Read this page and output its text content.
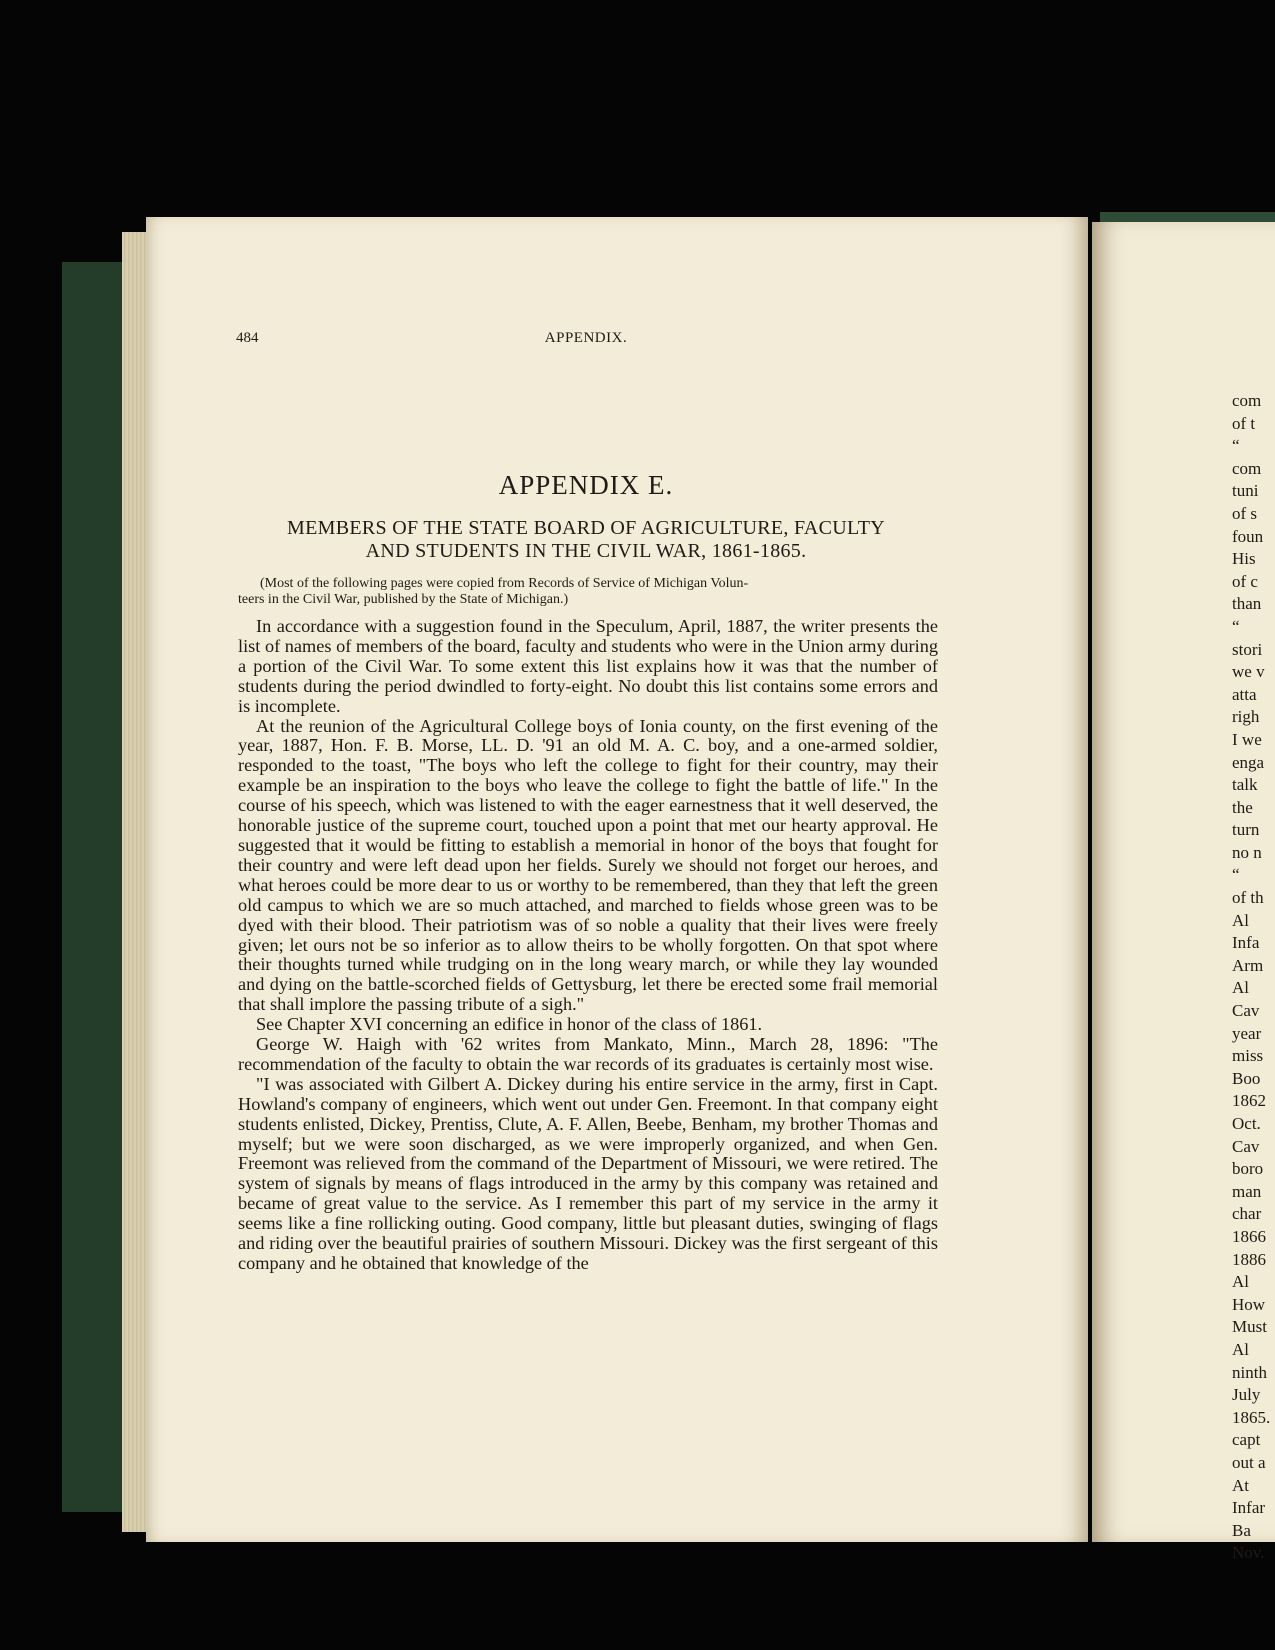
484	APPENDIX.
APPENDIX E.
MEMBERS OF THE STATE BOARD OF AGRICULTURE, FACULTY
AND STUDENTS IN THE CIVIL WAR, 1861-1865.
(Most of the following pages were copied from Records of Service of Michigan Volun-
teers in the Civil War, published by the State of Michigan.)

In accordance with a suggestion found in the Speculum, April, 1887, the writer presents the list of names of members of the board, faculty and students who were in the Union army during a portion of the Civil War. To some extent this list explains how it was that the number of students during the period dwindled to forty-eight. No doubt this list contains some errors and is incomplete.

At the reunion of the Agricultural College boys of Ionia county, on the first evening of the year, 1887, Hon. F. B. Morse, LL. D. '91 an old M. A. C. boy, and a one-armed soldier, responded to the toast, "The boys who left the college to fight for their country, may their example be an inspiration to the boys who leave the college to fight the battle of life." In the course of his speech, which was listened to with the eager earnestness that it well deserved, the honorable justice of the supreme court, touched upon a point that met our hearty approval. He suggested that it would be fitting to establish a memorial in honor of the boys that fought for their country and were left dead upon her fields. Surely we should not forget our heroes, and what heroes could be more dear to us or worthy to be remembered, than they that left the green old campus to which we are so much attached, and marched to fields whose green was to be dyed with their blood. Their patriotism was of so noble a quality that their lives were freely given; let ours not be so inferior as to allow theirs to be wholly forgotten. On that spot where their thoughts turned while trudging on in the long weary march, or while they lay wounded and dying on the battle-scorched fields of Gettysburg, let there be erected some frail memorial that shall implore the passing tribute of a sigh."

See Chapter XVI concerning an edifice in honor of the class of 1861.

George W. Haigh with '62 writes from Mankato, Minn., March 28, 1896: "The recommendation of the faculty to obtain the war records of its graduates is certainly most wise.

"I was associated with Gilbert A. Dickey during his entire service in the army, first in Capt. Howland's company of engineers, which went out under Gen. Freemont. In that company eight students enlisted, Dickey, Prentiss, Clute, A. F. Allen, Beebe, Benham, my brother Thomas and myself; but we were soon discharged, as we were improperly organized, and when Gen. Freemont was relieved from the command of the Department of Missouri, we were retired. The system of signals by means of flags introduced in the army by this company was retained and became of great value to the service. As I remember this part of my service in the army it seems like a fine rollicking outing. Good company, little but pleasant duties, swinging of flags and riding over the beautiful prairies of southern Missouri. Dickey was the first sergeant of this company and he obtained that knowledge of the

com
of t
“
com
tuni
of s
foun
His
of c
than
“
stori
we v
atta
righ
I we
enga
talk
the
turn
no n
“
of th
Al
Infa
Arm
Al
Cav
year
miss
Boo
1862
Oct.
Cav
boro
man
char
1866
1886
Al
How
Must
Al
ninth
July
1865.
capt
out a
At
Infar
Ba
Nov.
